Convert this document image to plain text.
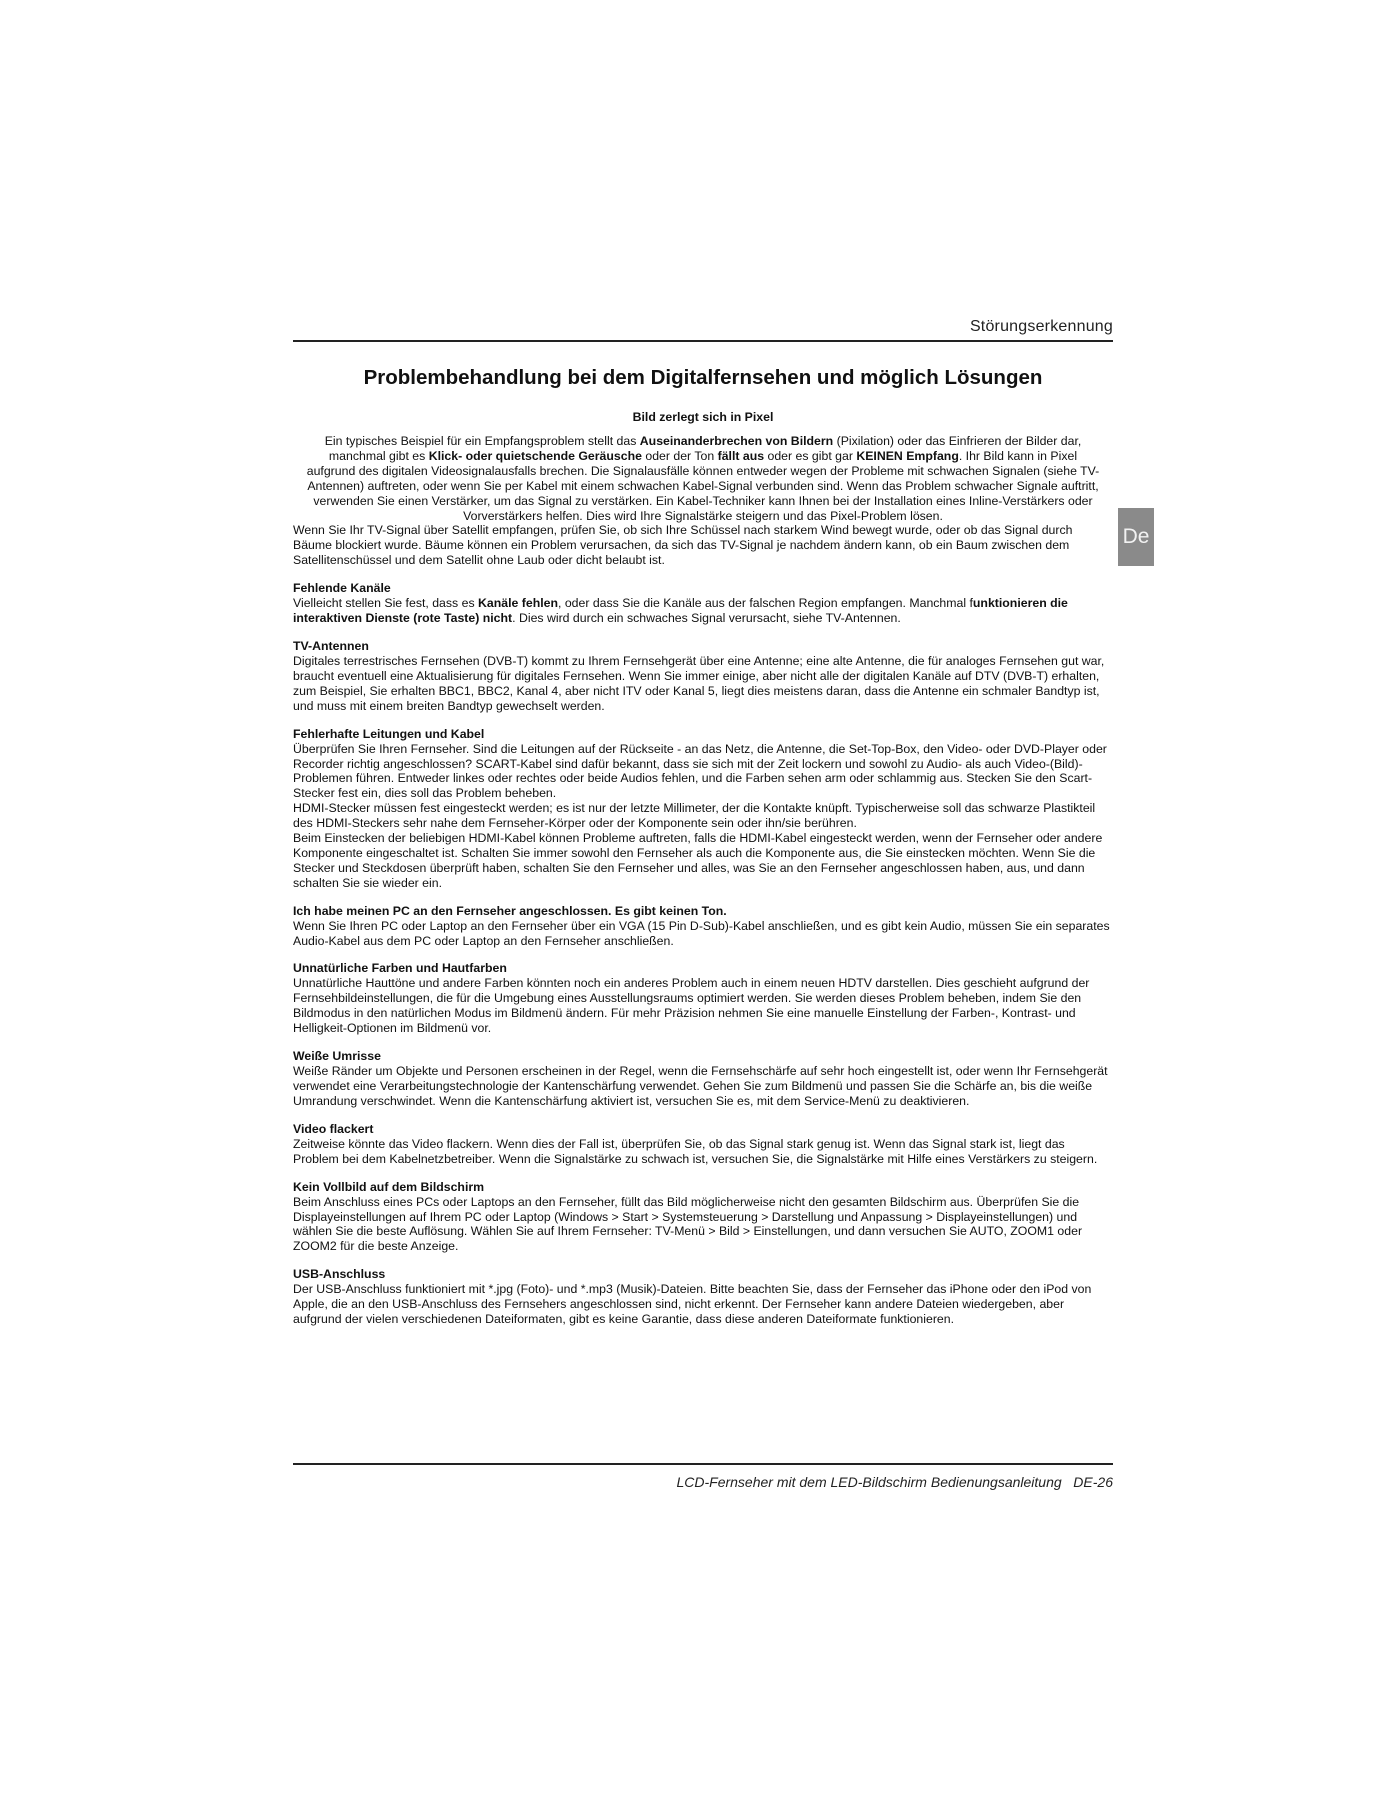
Störungserkennung
Problembehandlung bei dem Digitalfernsehen und möglich Lösungen
Bild zerlegt sich in Pixel

Ein typisches Beispiel für ein Empfangsproblem stellt das Auseinanderbrechen von Bildern (Pixilation) oder das Einfrieren der Bilder dar, manchmal gibt es Klick- oder quietschende Geräusche oder der Ton fällt aus oder es gibt gar KEINEN Empfang. Ihr Bild kann in Pixel aufgrund des digitalen Videosignalausfalls brechen. Die Signalausfälle können entweder wegen der Probleme mit schwachen Signalen (siehe TV-Antennen) auftreten, oder wenn Sie per Kabel mit einem schwachen Kabel-Signal verbunden sind. Wenn das Problem schwacher Signale auftritt, verwenden Sie einen Verstärker, um das Signal zu verstärken. Ein Kabel-Techniker kann Ihnen bei der Installation eines Inline-Verstärkers oder Vorverstärkers helfen. Dies wird Ihre Signalstärke steigern und das Pixel-Problem lösen.

Wenn Sie Ihr TV-Signal über Satellit empfangen, prüfen Sie, ob sich Ihre Schüssel nach starkem Wind bewegt wurde, oder ob das Signal durch Bäume blockiert wurde. Bäume können ein Problem verursachen, da sich das TV-Signal je nachdem ändern kann, ob ein Baum zwischen dem Satellitenschüssel und dem Satellit ohne Laub oder dicht belaubt ist.

Fehlende Kanäle

Vielleicht stellen Sie fest, dass es Kanäle fehlen, oder dass Sie die Kanäle aus der falschen Region empfangen. Manchmal funktionieren die interaktiven Dienste (rote Taste) nicht. Dies wird durch ein schwaches Signal verursacht, siehe TV-Antennen.

TV-Antennen

Digitales terrestrisches Fernsehen (DVB-T) kommt zu Ihrem Fernsehgerät über eine Antenne; eine alte Antenne, die für analoges Fernsehen gut war, braucht eventuell eine Aktualisierung für digitales Fernsehen. Wenn Sie immer einige, aber nicht alle der digitalen Kanäle auf DTV (DVB-T) erhalten, zum Beispiel, Sie erhalten BBC1, BBC2, Kanal 4, aber nicht ITV oder Kanal 5, liegt dies meistens daran, dass die Antenne ein schmaler Bandtyp ist, und muss mit einem breiten Bandtyp gewechselt werden.

Fehlerhafte Leitungen und Kabel

Überprüfen Sie Ihren Fernseher. Sind die Leitungen auf der Rückseite - an das Netz, die Antenne, die Set-Top-Box, den Video- oder DVD-Player oder Recorder richtig angeschlossen? SCART-Kabel sind dafür bekannt, dass sie sich mit der Zeit lockern und sowohl zu Audio- als auch Video-(Bild)-Problemen führen. Entweder linkes oder rechtes oder beide Audios fehlen, und die Farben sehen arm oder schlammig aus. Stecken Sie den Scart-Stecker fest ein, dies soll das Problem beheben.

HDMI-Stecker müssen fest eingesteckt werden; es ist nur der letzte Millimeter, der die Kontakte knüpft. Typischerweise soll das schwarze Plastikteil des HDMI-Steckers sehr nahe dem Fernseher-Körper oder der Komponente sein oder ihn/sie berühren.

Beim Einstecken der beliebigen HDMI-Kabel können Probleme auftreten, falls die HDMI-Kabel eingesteckt werden, wenn der Fernseher oder andere Komponente eingeschaltet ist. Schalten Sie immer sowohl den Fernseher als auch die Komponente aus, die Sie einstecken möchten. Wenn Sie die Stecker und Steckdosen überprüft haben, schalten Sie den Fernseher und alles, was Sie an den Fernseher angeschlossen haben, aus, und dann schalten Sie sie wieder ein.

Ich habe meinen PC an den Fernseher angeschlossen. Es gibt keinen Ton.

Wenn Sie Ihren PC oder Laptop an den Fernseher über ein VGA (15 Pin D-Sub)-Kabel anschließen, und es gibt kein Audio, müssen Sie ein separates Audio-Kabel aus dem PC oder Laptop an den Fernseher anschließen.

Unnatürliche Farben und Hautfarben

Unnatürliche Hauttöne und andere Farben könnten noch ein anderes Problem auch in einem neuen HDTV darstellen. Dies geschieht aufgrund der Fernsehbildeinstellungen, die für die Umgebung eines Ausstellungsraums optimiert werden. Sie werden dieses Problem beheben, indem Sie den Bildmodus in den natürlichen Modus im Bildmenü ändern. Für mehr Präzision nehmen Sie eine manuelle Einstellung der Farben-, Kontrast- und Helligkeit-Optionen im Bildmenü vor.

Weiße Umrisse

Weiße Ränder um Objekte und Personen erscheinen in der Regel, wenn die Fernsehschärfe auf sehr hoch eingestellt ist, oder wenn Ihr Fernsehgerät verwendet eine Verarbeitungstechnologie der Kantenschärfung verwendet. Gehen Sie zum Bildmenü und passen Sie die Schärfe an, bis die weiße Umrandung verschwindet. Wenn die Kantenschärfung aktiviert ist, versuchen Sie es, mit dem Service-Menü zu deaktivieren.

Video flackert

Zeitweise könnte das Video flackern. Wenn dies der Fall ist, überprüfen Sie, ob das Signal stark genug ist. Wenn das Signal stark ist, liegt das Problem bei dem Kabelnetzbetreiber. Wenn die Signalstärke zu schwach ist, versuchen Sie, die Signalstärke mit Hilfe eines Verstärkers zu steigern.

Kein Vollbild auf dem Bildschirm

Beim Anschluss eines PCs oder Laptops an den Fernseher, füllt das Bild möglicherweise nicht den gesamten Bildschirm aus. Überprüfen Sie die Displayeinstellungen auf Ihrem PC oder Laptop (Windows > Start > Systemsteuerung > Darstellung und Anpassung > Displayeinstellungen) und wählen Sie die beste Auflösung. Wählen Sie auf Ihrem Fernseher: TV-Menü > Bild > Einstellungen, und dann versuchen Sie AUTO, ZOOM1 oder ZOOM2 für die beste Anzeige.

USB-Anschluss

Der USB-Anschluss funktioniert mit *.jpg (Foto)- und *.mp3 (Musik)-Dateien. Bitte beachten Sie, dass der Fernseher das iPhone oder den iPod von Apple, die an den USB-Anschluss des Fernsehers angeschlossen sind, nicht erkennt. Der Fernseher kann andere Dateien wiedergeben, aber aufgrund der vielen verschiedenen Dateiformaten, gibt es keine Garantie, dass diese anderen Dateiformate funktionieren.

De
LCD-Fernseher mit dem LED-Bildschirm Bedienungsanleitung   DE-26
